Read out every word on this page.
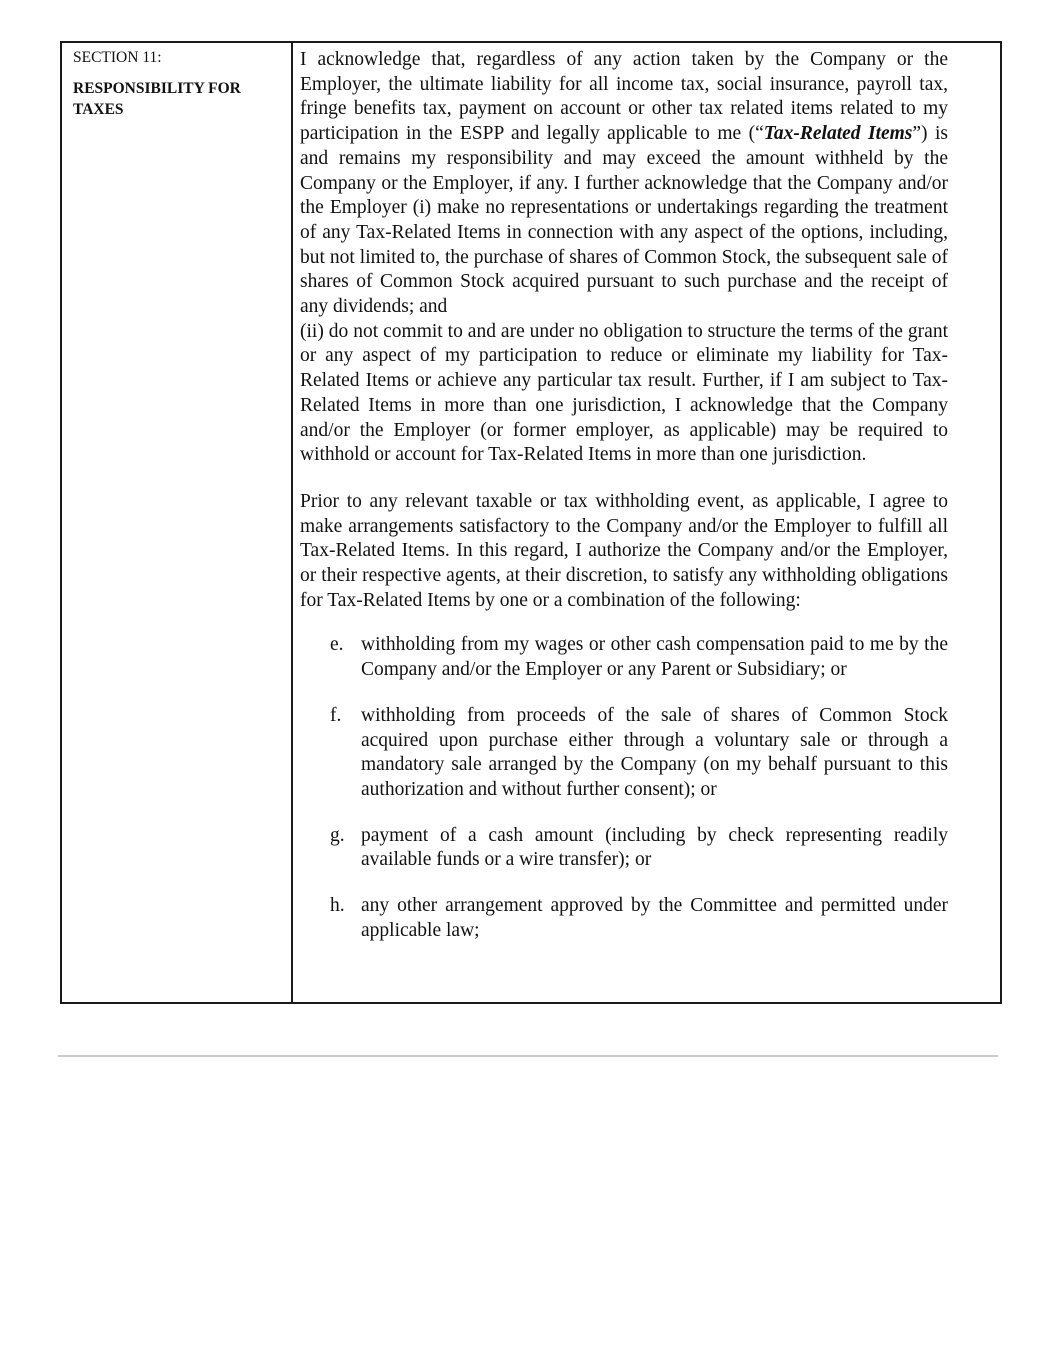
SECTION 11:

RESPONSIBILITY FOR TAXES

I acknowledge that, regardless of any action taken by the Company or the Employer, the ultimate liability for all income tax, social insurance, payroll tax, fringe benefits tax, payment on account or other tax related items related to my participation in the ESPP and legally applicable to me (“Tax-Related Items”) is and remains my responsibility and may exceed the amount withheld by the Company or the Employer, if any. I further acknowledge that the Company and/or the Employer (i) make no representations or undertakings regarding the treatment of any Tax-Related Items in connection with any aspect of the options, including, but not limited to, the purchase of shares of Common Stock, the subsequent sale of shares of Common Stock acquired pursuant to such purchase and the receipt of any dividends; and

(ii) do not commit to and are under no obligation to structure the terms of the grant or any aspect of my participation to reduce or eliminate my liability for Tax-Related Items or achieve any particular tax result. Further, if I am subject to Tax-Related Items in more than one jurisdiction, I acknowledge that the Company and/or the Employer (or former employer, as applicable) may be required to withhold or account for Tax-Related Items in more than one jurisdiction.

Prior to any relevant taxable or tax withholding event, as applicable, I agree to make arrangements satisfactory to the Company and/or the Employer to fulfill all Tax-Related Items. In this regard, I authorize the Company and/or the Employer, or their respective agents, at their discretion, to satisfy any withholding obligations for Tax-Related Items by one or a combination of the following:

e. withholding from my wages or other cash compensation paid to me by the Company and/or the Employer or any Parent or Subsidiary; or
f.	withholding from proceeds of the sale of shares of Common Stock acquired upon purchase either through a voluntary sale or through a mandatory sale arranged by the Company (on my behalf pursuant to this authorization and without further consent); or
g. payment of a cash amount (including by check representing readily available funds or a wire transfer); or
h. any other arrangement approved by the Committee and permitted under applicable law;
